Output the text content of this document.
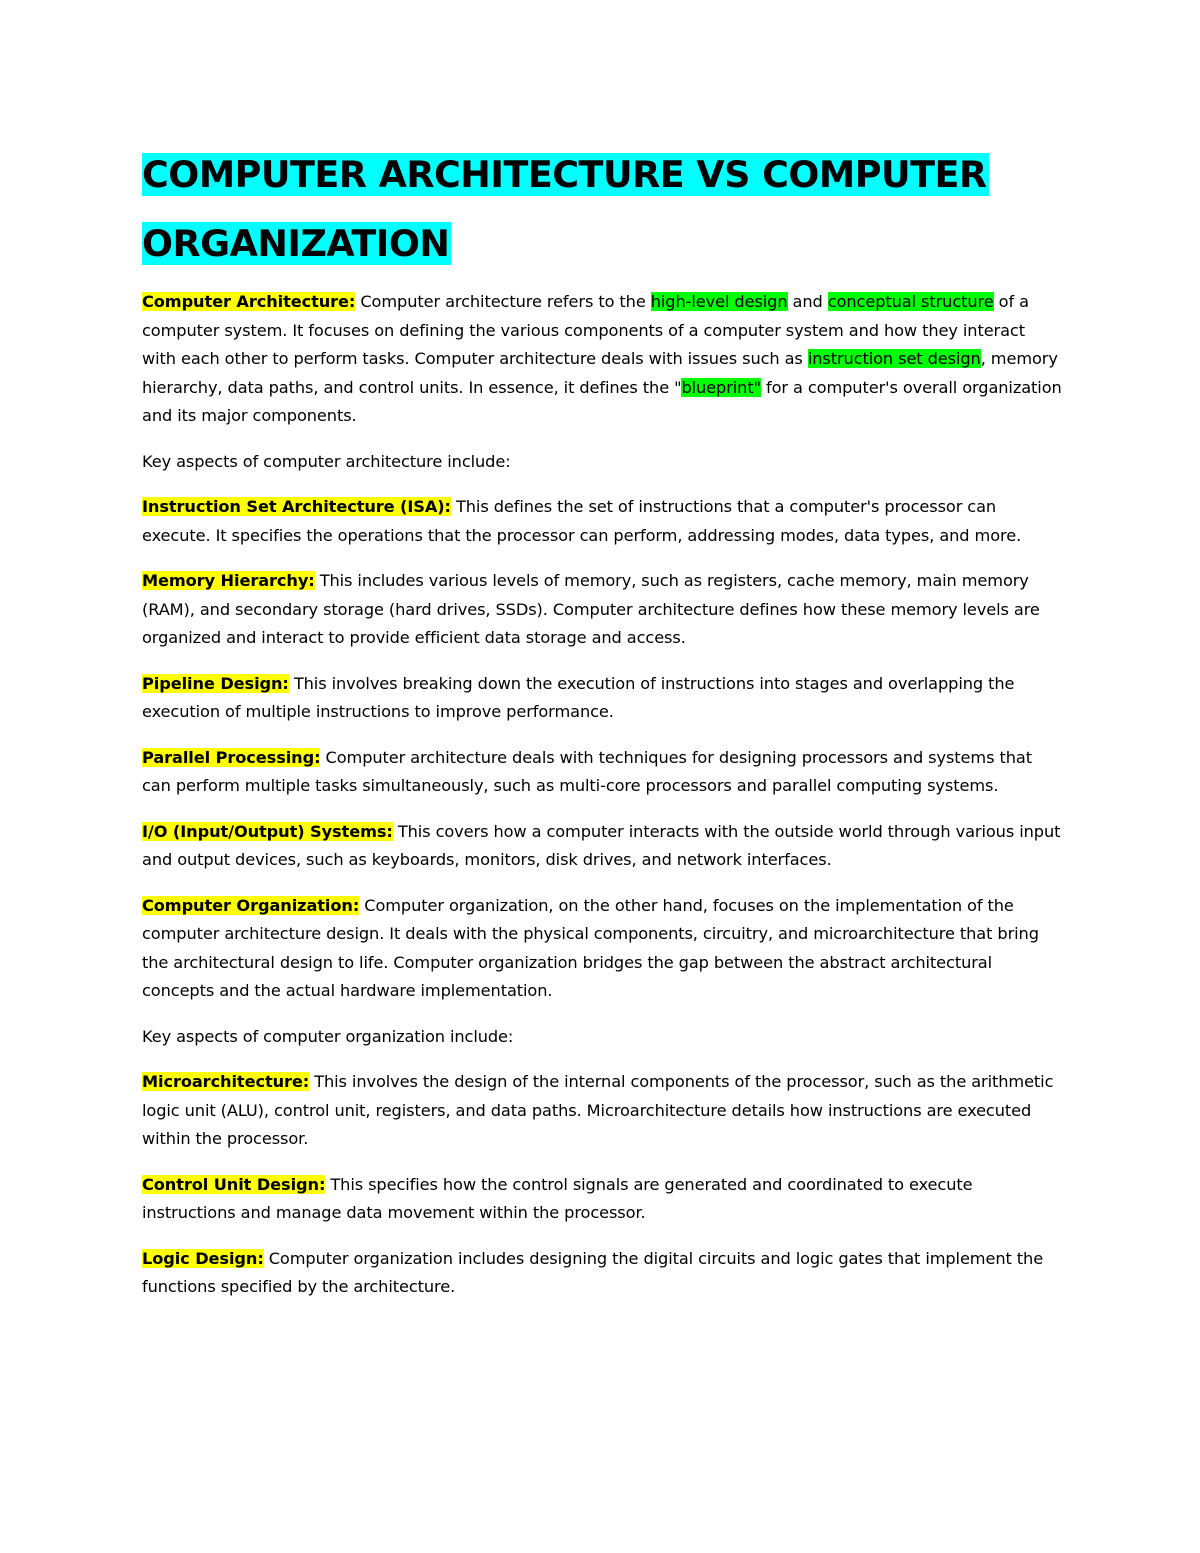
COMPUTER ARCHITECTURE VS COMPUTER ORGANIZATION

Computer Architecture: Computer architecture refers to the high-level design and conceptual structure of a computer system. It focuses on defining the various components of a computer system and how they interact with each other to perform tasks. Computer architecture deals with issues such as instruction set design, memory hierarchy, data paths, and control units. In essence, it defines the "blueprint" for a computer's overall organization and its major components.

Key aspects of computer architecture include:

Instruction Set Architecture (ISA): This defines the set of instructions that a computer's processor can execute. It specifies the operations that the processor can perform, addressing modes, data types, and more.

Memory Hierarchy: This includes various levels of memory, such as registers, cache memory, main memory (RAM), and secondary storage (hard drives, SSDs). Computer architecture defines how these memory levels are organized and interact to provide efficient data storage and access.

Pipeline Design: This involves breaking down the execution of instructions into stages and overlapping the execution of multiple instructions to improve performance.

Parallel Processing: Computer architecture deals with techniques for designing processors and systems that can perform multiple tasks simultaneously, such as multi-core processors and parallel computing systems.

I/O (Input/Output) Systems: This covers how a computer interacts with the outside world through various input and output devices, such as keyboards, monitors, disk drives, and network interfaces.

Computer Organization: Computer organization, on the other hand, focuses on the implementation of the computer architecture design. It deals with the physical components, circuitry, and microarchitecture that bring the architectural design to life. Computer organization bridges the gap between the abstract architectural concepts and the actual hardware implementation.

Key aspects of computer organization include:

Microarchitecture: This involves the design of the internal components of the processor, such as the arithmetic logic unit (ALU), control unit, registers, and data paths. Microarchitecture details how instructions are executed within the processor.

Control Unit Design: This specifies how the control signals are generated and coordinated to execute instructions and manage data movement within the processor.

Logic Design: Computer organization includes designing the digital circuits and logic gates that implement the functions specified by the architecture.
